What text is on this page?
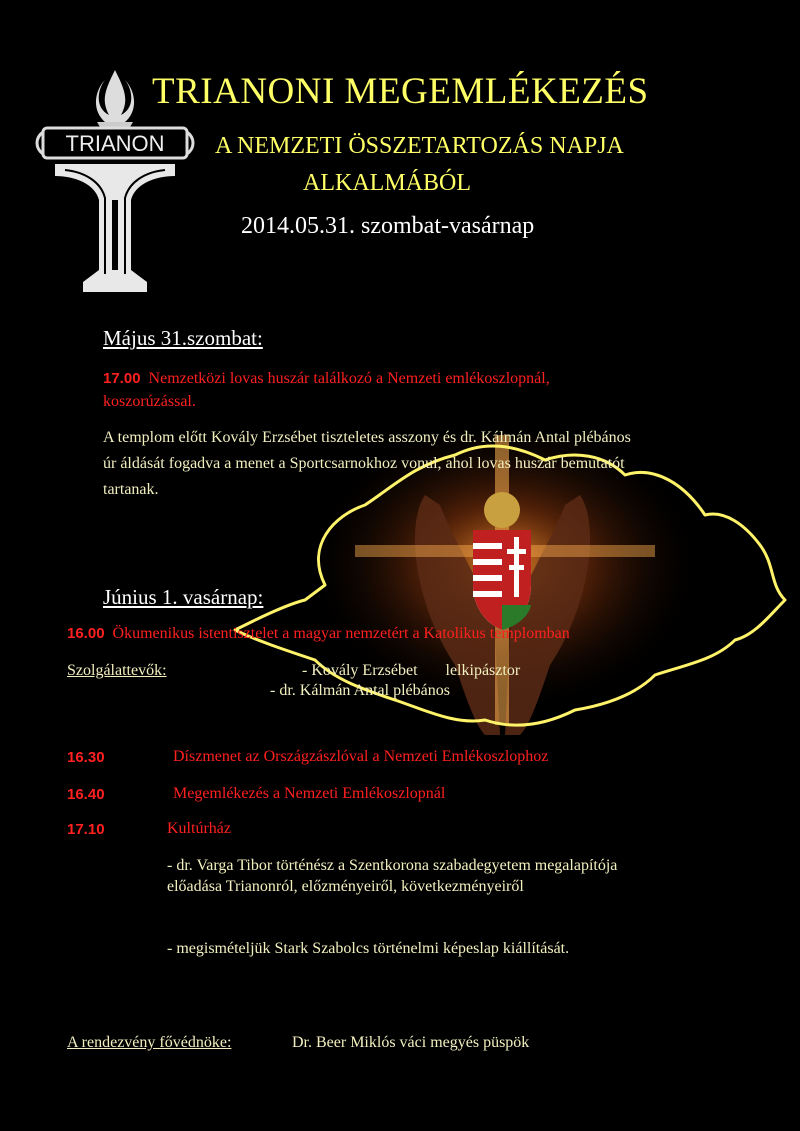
TRIANON
TRIANONI MEGEMLÉKEZÉS
A NEMZETI ÖSSZETARTOZÁS NAPJA
ALKALMÁBÓL
2014.05.31. szombat-vasárnap
Május 31.szombat:
17.00 Nemzetközi lovas huszár találkozó a Nemzeti emlékoszlopnál,
koszorúzással.
A templom előtt Kovály Erzsébet tiszteletes asszony és dr. Kálmán Antal plébános
úr áldását fogadva a menet a Sportcsarnokhoz vonul, ahol lovas huszár bemutatót
tartanak.
Június 1. vasárnap:
16.00 Ökumenikus istentisztelet a magyar nemzetért a Katolikus templomban
Szolgálattevők:	- Kovály Erzsébet       lelkipásztor
- dr. Kálmán Antal plébános
16.30	Díszmenet az Országzászlóval a Nemzeti Emlékoszlophoz
16.40	Megemlékezés a Nemzeti Emlékoszlopnál
17.10	Kultúrház
- dr. Varga Tibor történész a Szentkorona szabadegyetem megalapítója
előadása Trianonról, előzményeiről, következményeiről
- megismételjük Stark Szabolcs történelmi képeslap kiállítását.
A rendezvény fővédnöke:	Dr. Beer Miklós váci megyés püspök
